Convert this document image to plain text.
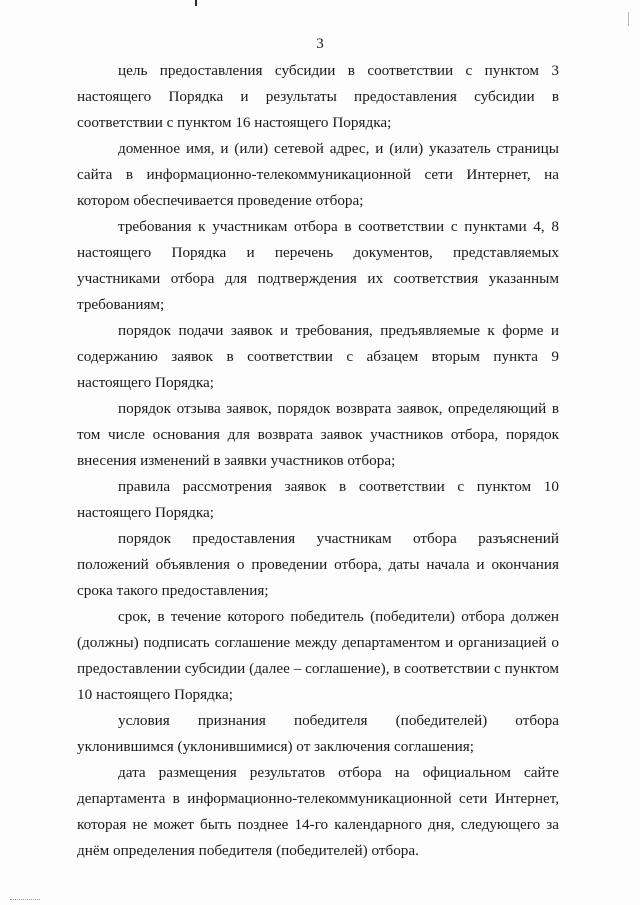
3

цель предоставления субсидии в соответствии с пунктом 3 настоящего Порядка и результаты предоставления субсидии в соответствии с пунктом 16 настоящего Порядка;

доменное имя, и (или) сетевой адрес, и (или) указатель страницы сайта в информационно-телекоммуникационной сети Интернет, на котором обеспечивается проведение отбора;

требования к участникам отбора в соответствии с пунктами 4, 8 настоящего Порядка и перечень документов, представляемых участниками отбора для подтверждения их соответствия указанным требованиям;

порядок подачи заявок и требования, предъявляемые к форме и содержанию заявок в соответствии с абзацем вторым пункта 9 настоящего Порядка;

порядок отзыва заявок, порядок возврата заявок, определяющий в том числе основания для возврата заявок участников отбора, порядок внесения изменений в заявки участников отбора;

правила рассмотрения заявок в соответствии с пунктом 10 настоящего Порядка;

порядок предоставления участникам отбора разъяснений положений объявления о проведении отбора, даты начала и окончания срока такого предоставления;

срок, в течение которого победитель (победители) отбора должен (должны) подписать соглашение между департаментом и организацией о предоставлении субсидии (далее – соглашение), в соответствии с пунктом 10 настоящего Порядка;

условия признания победителя (победителей) отбора уклонившимся (уклонившимися) от заключения соглашения;

дата размещения результатов отбора на официальном сайте департамента в информационно-телекоммуникационной сети Интернет, которая не может быть позднее 14-го календарного дня, следующего за днём определения победителя (победителей) отбора.
